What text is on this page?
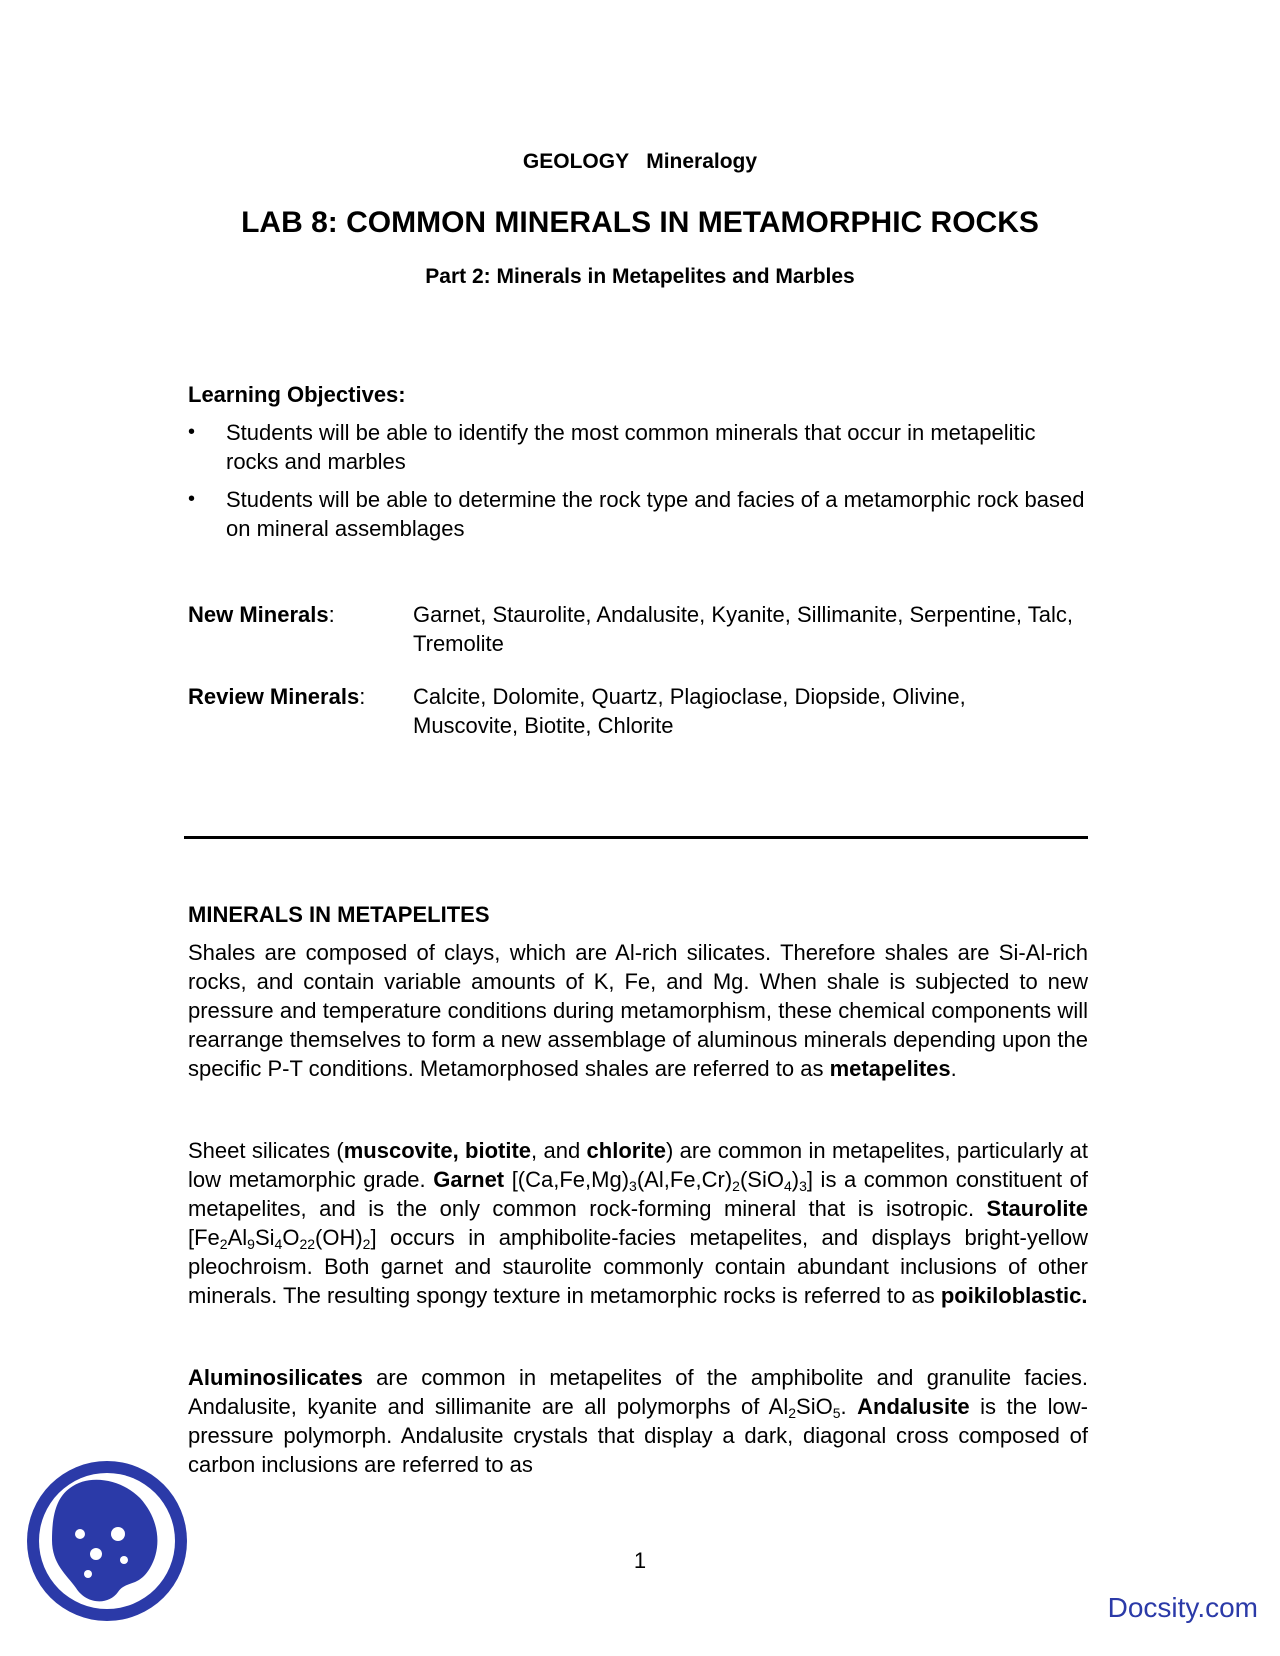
GEOLOGY   Mineralogy
LAB 8: COMMON MINERALS IN METAMORPHIC ROCKS
Part 2: Minerals in Metapelites and Marbles
Learning Objectives:
• Students will be able to identify the most common minerals that occur in metapelitic rocks and marbles
• Students will be able to determine the rock type and facies of a metamorphic rock based on mineral assemblages
New Minerals:	Garnet, Staurolite, Andalusite, Kyanite, Sillimanite, Serpentine, Talc, Tremolite
Review Minerals: Calcite, Dolomite, Quartz, Plagioclase, Diopside, Olivine, Muscovite, Biotite, Chlorite
MINERALS IN METAPELITES

Shales are composed of clays, which are Al-rich silicates. Therefore shales are Si-Al-rich rocks, and contain variable amounts of K, Fe, and Mg. When shale is subjected to new pressure and temperature conditions during metamorphism, these chemical components will rearrange themselves to form a new assemblage of aluminous minerals depending upon the specific P-T conditions. Metamorphosed shales are referred to as metapelites.

Sheet silicates (muscovite, biotite, and chlorite) are common in metapelites, particularly at low metamorphic grade. Garnet $[(Ca,Fe,Mg)_3(Al,Fe,Cr)_2(SiO_4)_3]$ is a common constituent of metapelites, and is the only common rock-forming mineral that is isotropic. Staurolite $[Fe_2Al_9Si_4O_{22}(OH)_2]$ occurs in amphibolite-facies metapelites, and displays bright-yellow pleochroism. Both garnet and staurolite commonly contain abundant inclusions of other minerals. The resulting spongy texture in metamorphic rocks is referred to as poikiloblastic.

Aluminosilicates are common in metapelites of the amphibolite and granulite facies. Andalusite, kyanite and sillimanite are all polymorphs of $Al_2SiO_5$. Andalusite is the low-pressure polymorph. Andalusite crystals that display a dark, diagonal cross composed of carbon inclusions are referred to as

1
Docsity.com
